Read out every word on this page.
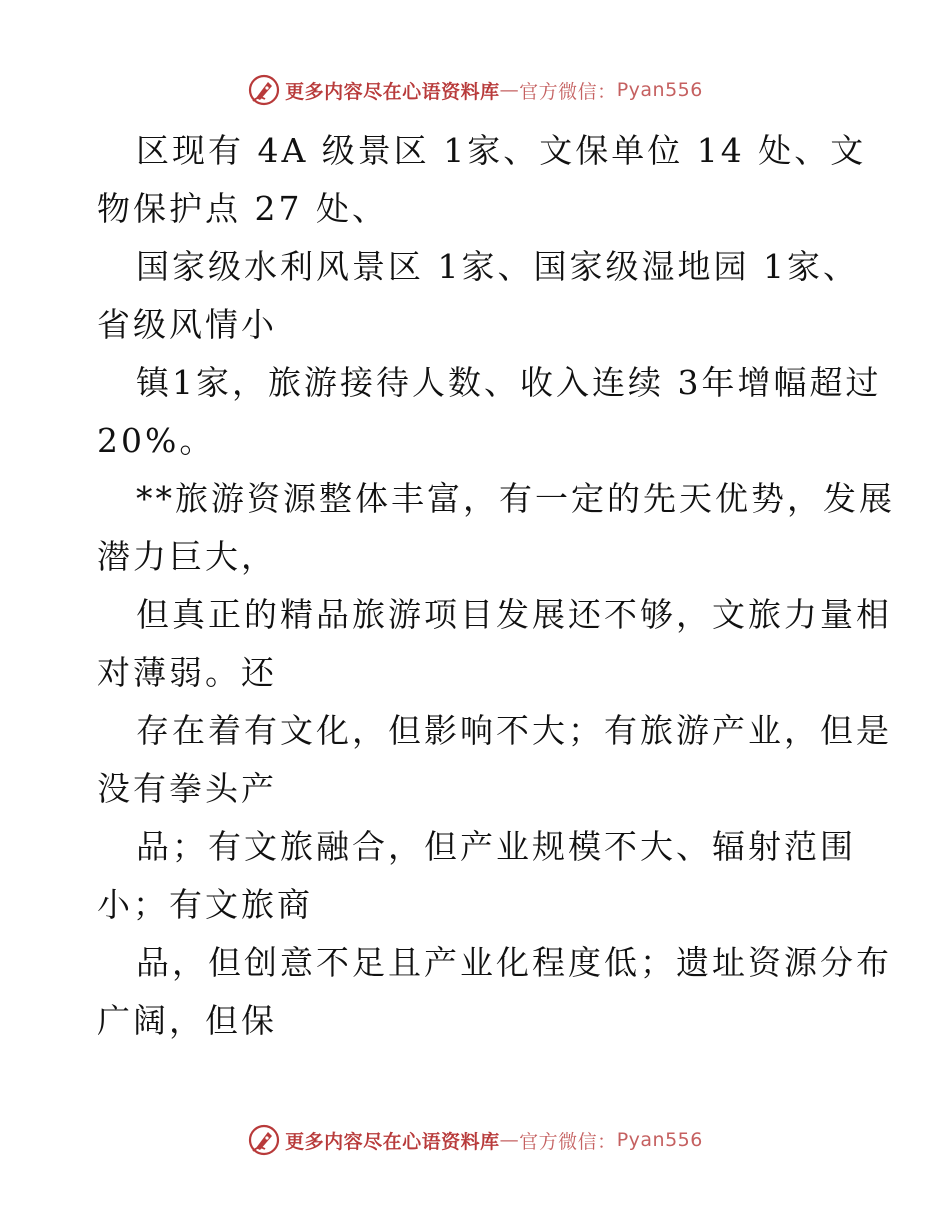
更多内容尽在心语资料库 — 官方微信： Pyan556
区现有 4A 级景区 1家、文保单位 14 处、文
物保护点 27 处、
国家级水利风景区 1家、国家级湿地园 1家、
省级风情小
镇1家，旅游接待人数、收入连续 3年增幅超过
20%。
**旅游资源整体丰富，有一定的先天优势，发展
潜力巨大，
但真正的精品旅游项目发展还不够，文旅力量相
对薄弱。还
存在着有文化，但影响不大；有旅游产业，但是
没有拳头产
品；有文旅融合，但产业规模不大、辐射范围
小；有文旅商
品，但创意不足且产业化程度低；遗址资源分布
广阔，但保
更多内容尽在心语资料库 — 官方微信： Pyan556
